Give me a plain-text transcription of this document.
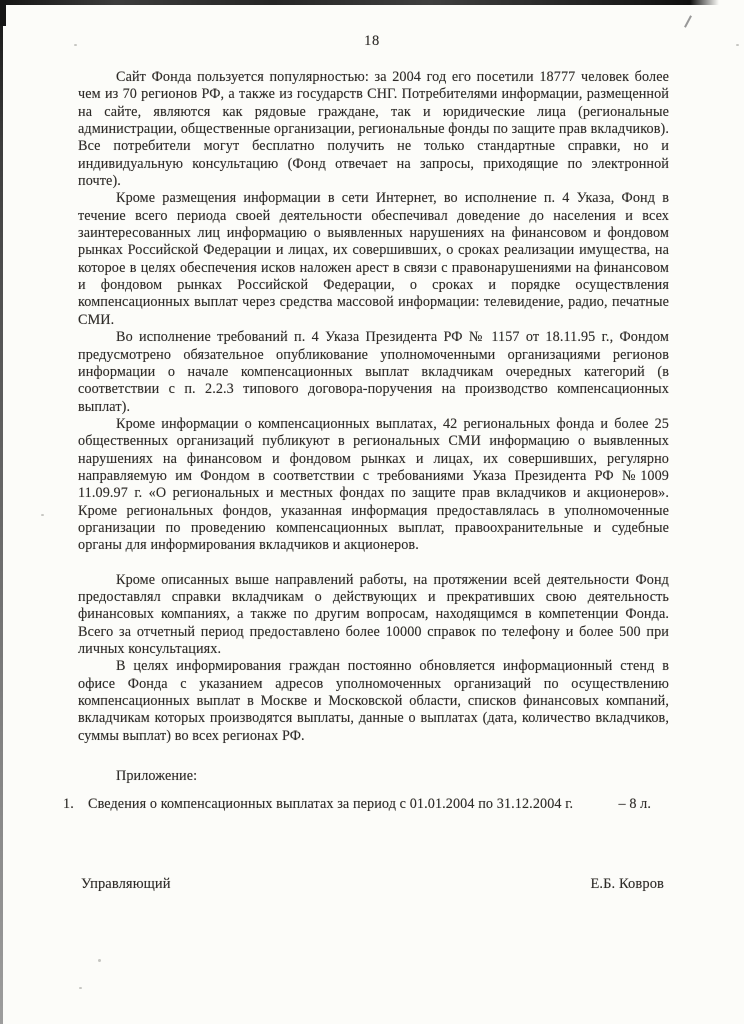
18

Сайт Фонда пользуется популярностью: за 2004 год его посетили 18777 человек более чем из 70 регионов РФ, а также из государств СНГ. Потребителями информации, размещенной на сайте, являются как рядовые граждане, так и юридические лица (региональные администрации, общественные организации, региональные фонды по защите прав вкладчиков). Все потребители могут бесплатно получить не только стандартные справки, но и индивидуальную консультацию (Фонд отвечает на запросы, приходящие по электронной почте).

Кроме размещения информации в сети Интернет, во исполнение п. 4 Указа, Фонд в течение всего периода своей деятельности обеспечивал доведение до населения и всех заинтересованных лиц информацию о выявленных нарушениях на финансовом и фондовом рынках Российской Федерации и лицах, их совершивших, о сроках реализации имущества, на которое в целях обеспечения исков наложен арест в связи с правонарушениями на финансовом и фондовом рынках Российской Федерации, о сроках и порядке осуществления компенсационных выплат через средства массовой информации: телевидение, радио, печатные СМИ.

Во исполнение требований п. 4 Указа Президента РФ № 1157 от 18.11.95 г., Фондом предусмотрено обязательное опубликование уполномоченными организациями регионов информации о начале компенсационных выплат вкладчикам очередных категорий (в соответствии с п. 2.2.3 типового договора-поручения на производство компенсационных выплат).

Кроме информации о компенсационных выплатах, 42 региональных фонда и более 25 общественных организаций публикуют в региональных СМИ информацию о выявленных нарушениях на финансовом и фондовом рынках и лицах, их совершивших, регулярно направляемую им Фондом в соответствии с требованиями Указа Президента РФ №1009 11.09.97 г. «О региональных и местных фондах по защите прав вкладчиков и акционеров». Кроме региональных фондов, указанная информация предоставлялась в уполномоченные организации по проведению компенсационных выплат, правоохранительные и судебные органы для информирования вкладчиков и акционеров.

Кроме описанных выше направлений работы, на протяжении всей деятельности Фонд предоставлял справки вкладчикам о действующих и прекративших свою деятельность финансовых компаниях, а также по другим вопросам, находящимся в компетенции Фонда. Всего за отчетный период предоставлено более 10000 справок по телефону и более 500 при личных консультациях.

В целях информирования граждан постоянно обновляется информационный стенд в офисе Фонда с указанием адресов уполномоченных организаций по осуществлению компенсационных выплат в Москве и Московской области, списков финансовых компаний, вкладчикам которых производятся выплаты, данные о выплатах (дата, количество вкладчиков, суммы выплат) во всех регионах РФ.

Приложение:

1. Сведения о компенсационных выплатах за период с 01.01.2004 по 31.12.2004 г.	– 8 л.
Управляющий	Е.Б. Ковров
